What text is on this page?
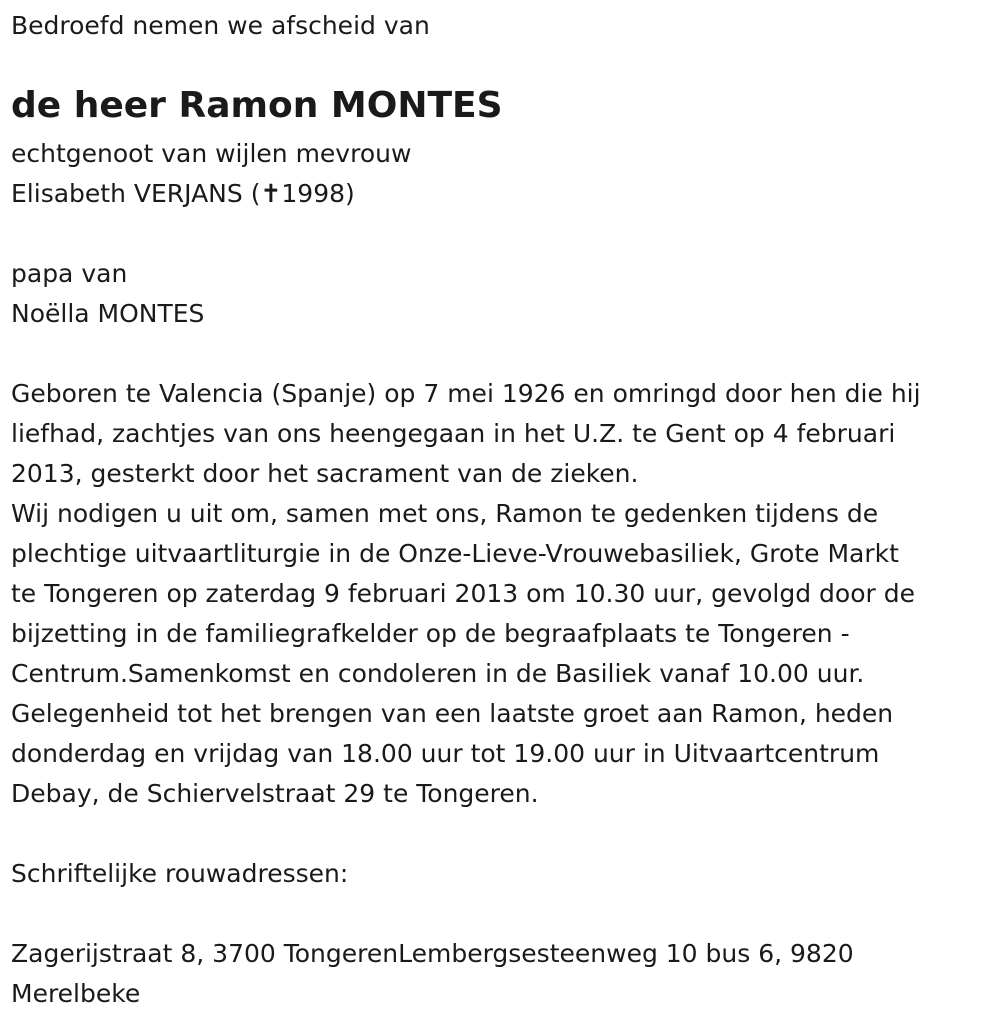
Bedroefd nemen we afscheid van

de heer Ramon MONTES

echtgenoot van wijlen mevrouw

Elisabeth VERJANS (✝1998)

papa van

Noëlla MONTES

Geboren te Valencia (Spanje) op 7 mei 1926 en omringd door hen die hij

liefhad, zachtjes van ons heengegaan in het U.Z. te Gent op 4 februari

2013, gesterkt door het sacrament van de zieken.

Wij nodigen u uit om, samen met ons, Ramon te gedenken tijdens de

plechtige uitvaartliturgie in de Onze-Lieve-Vrouwebasiliek, Grote Markt

te Tongeren op zaterdag 9 februari 2013 om 10.30 uur, gevolgd door de

bijzetting in de familiegrafkelder op de begraafplaats te Tongeren -

Centrum.Samenkomst en condoleren in de Basiliek vanaf 10.00 uur.

Gelegenheid tot het brengen van een laatste groet aan Ramon, heden

donderdag en vrijdag van 18.00 uur tot 19.00 uur in Uitvaartcentrum

Debay, de Schiervelstraat 29 te Tongeren.

Schriftelijke rouwadressen:

Zagerijstraat 8, 3700 TongerenLembergsesteenweg 10 bus 6, 9820

Merelbeke
